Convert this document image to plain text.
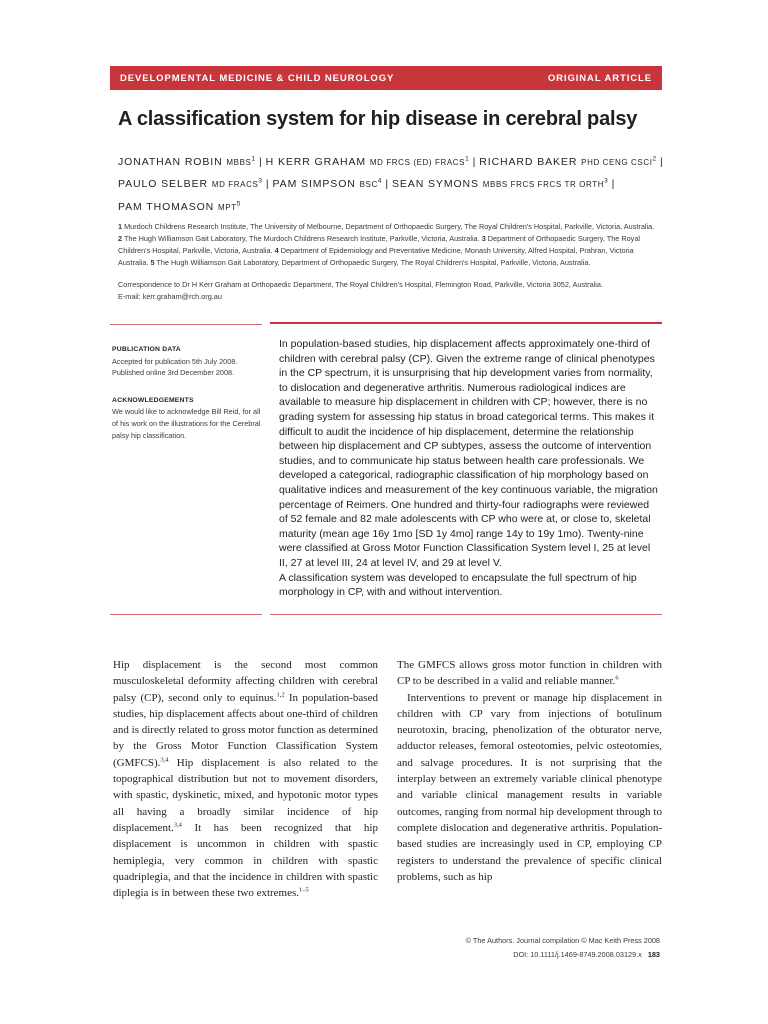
DEVELOPMENTAL MEDICINE & CHILD NEUROLOGY	ORIGINAL ARTICLE
A classification system for hip disease in cerebral palsy
JONATHAN ROBIN MBBS$^1$ | H KERR GRAHAM MD FRCS (ED) FRACS$^1$ | RICHARD BAKER PHD CENG CSCI$^2$ |
PAULO SELBER MD FRACS$^3$ | PAM SIMPSON BSC$^4$ | SEAN SYMONS MBBS FRCS FRCS TR ORTH$^3$ |
PAM THOMASON MPT$^5$

1 Murdoch Childrens Research Institute, The University of Melbourne, Department of Orthopaedic Surgery, The Royal Children's Hospital, Parkville, Victoria, Australia.

2 The Hugh Williamson Gait Laboratory, The Murdoch Childrens Research Institute, Parkville, Victoria, Australia. 3 Department of Orthopaedic Surgery, The Royal Children's Hospital, Parkville, Victoria, Australia. 4 Department of Epidemiology and Preventative Medicine, Monash University, Alfred Hospital, Prahran, Victoria Australia. 5 The Hugh Williamson Gait Laboratory, Department of Orthopaedic Surgery, The Royal Children's Hospital, Parkville, Victoria, Australia.

Correspondence to Dr H Kerr Graham at Orthopaedic Department, The Royal Children's Hospital, Flemington Road, Parkville, Victoria 3052, Australia.

E-mail: kerr.graham@rch.org.au

PUBLICATION DATA

Accepted for publication 5th July 2008.

Published online 3rd December 2008.

ACKNOWLEDGEMENTS

We would like to acknowledge Bill Reid, for all of his work on the illustrations for the Cerebral palsy hip classification.

In population-based studies, hip displacement affects approximately one-third of children with cerebral palsy (CP). Given the extreme range of clinical phenotypes in the CP spectrum, it is unsurprising that hip development varies from normality, to dislocation and degenerative arthritis. Numerous radiological indices are available to measure hip displacement in children with CP; however, there is no grading system for assessing hip status in broad categorical terms. This makes it difficult to audit the incidence of hip displacement, determine the relationship between hip displacement and CP subtypes, assess the outcome of intervention studies, and to communicate hip status between health care professionals. We developed a categorical, radiographic classification of hip morphology based on qualitative indices and measurement of the key continuous variable, the migration percentage of Reimers. One hundred and thirty-four radiographs were reviewed of 52 female and 82 male adolescents with CP who were at, or close to, skeletal maturity (mean age 16y 1mo [SD 1y 4mo] range 14y to 19y 1mo). Twenty-nine were classified at Gross Motor Function Classification System level I, 25 at level II, 27 at level III, 24 at level IV, and 29 at level V.

A classification system was developed to encapsulate the full spectrum of hip morphology in CP, with and without intervention.

Hip displacement is the second most common musculoskeletal deformity affecting children with cerebral palsy (CP), second only to equinus.$^{1,2}$ In population-based studies, hip displacement affects about one-third of children and is directly related to gross motor function as determined by the Gross Motor Function Classification System (GMFCS).$^{3,4}$ Hip displacement is also related to the topographical distribution but not to movement disorders, with spastic, dyskinetic, mixed, and hypotonic motor types all having a broadly similar incidence of hip displacement.$^{3,4}$ It has been recognized that hip displacement is uncommon in children with spastic hemiplegia, very common in children with spastic quadriplegia, and that the incidence in children with spastic diplegia is in between these two extremes.$^{1-5}$

The GMFCS allows gross motor function in children with CP to be described in a valid and reliable manner.$^6$

Interventions to prevent or manage hip displacement in children with CP vary from injections of botulinum neurotoxin, bracing, phenolization of the obturator nerve, adductor releases, femoral osteotomies, pelvic osteotomies, and salvage procedures. It is not surprising that the interplay between an extremely variable clinical phenotype and variable clinical management results in variable outcomes, ranging from normal hip development through to complete dislocation and degenerative arthritis. Population-based studies are increasingly used in CP, employing CP registers to understand the prevalence of specific clinical problems, such as hip

© The Authors. Journal compilation © Mac Keith Press 2008

DOI: 10.1111/j.1469-8749.2008.03129.x 183
